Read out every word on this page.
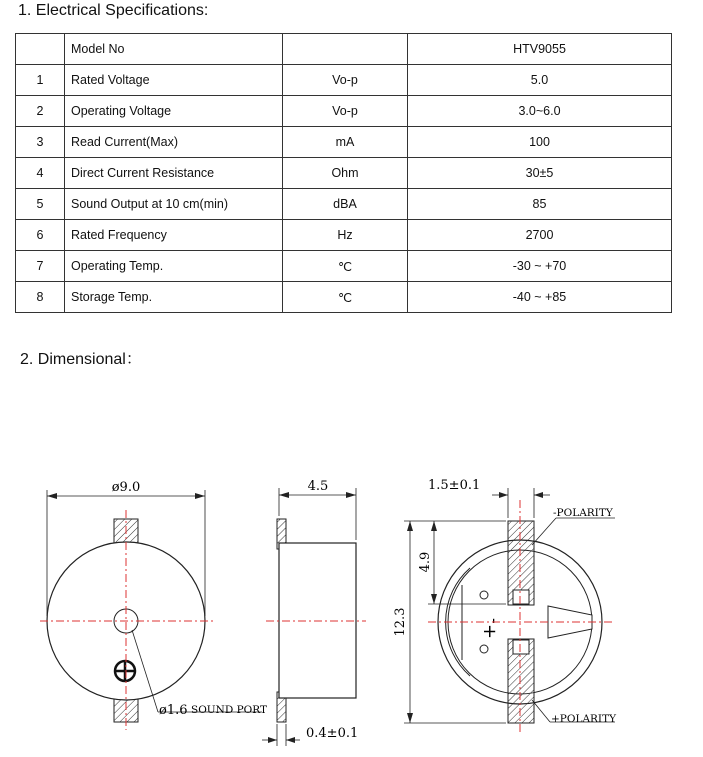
1. Electrical Specifications:
	Model No		HTV9055
1	Rated Voltage	Vo-p	5.0
2	Operating Voltage	Vo-p	3.0~6.0
3	Read Current(Max)	mA	100
4	Direct Current Resistance	Ohm	30±5
5	Sound Output at 10 cm(min)	dBA	85
6	Rated Frequency	Hz	2700
7	Operating Temp.	℃	-30 ~ +70
8	Storage Temp.	℃	-40 ~ +85
2. Dimensional：
ø9.0
ø1.6 SOUND PORT
4.5
0.4±0.1
-
+
1.5±0.1
12.3
4.9
-POLARITY
+POLARITY
